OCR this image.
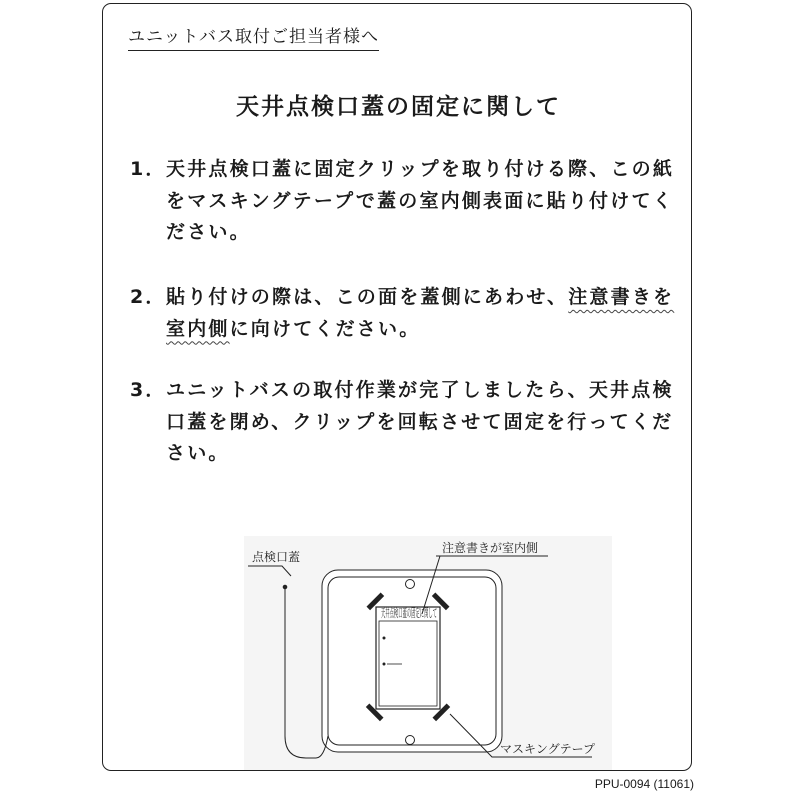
ユニットバス取付ご担当者様へ
天井点検口蓋の固定に関して
1． 天井点検口蓋に固定クリップを取り付ける際、この紙
をマスキングテープで蓋の室内側表面に貼り付けてく
ださい。
2． 貼り付けの際は、この面を蓋側にあわせ、注意書きを
室内側に向けてください。
3． ユニットバスの取付作業が完了しましたら、天井点検
口蓋を閉め、クリップを回転させて固定を行ってくだ
さい。
点検口蓋
注意書きが室内側
マスキングテープ
PPU-0094 (11061)
